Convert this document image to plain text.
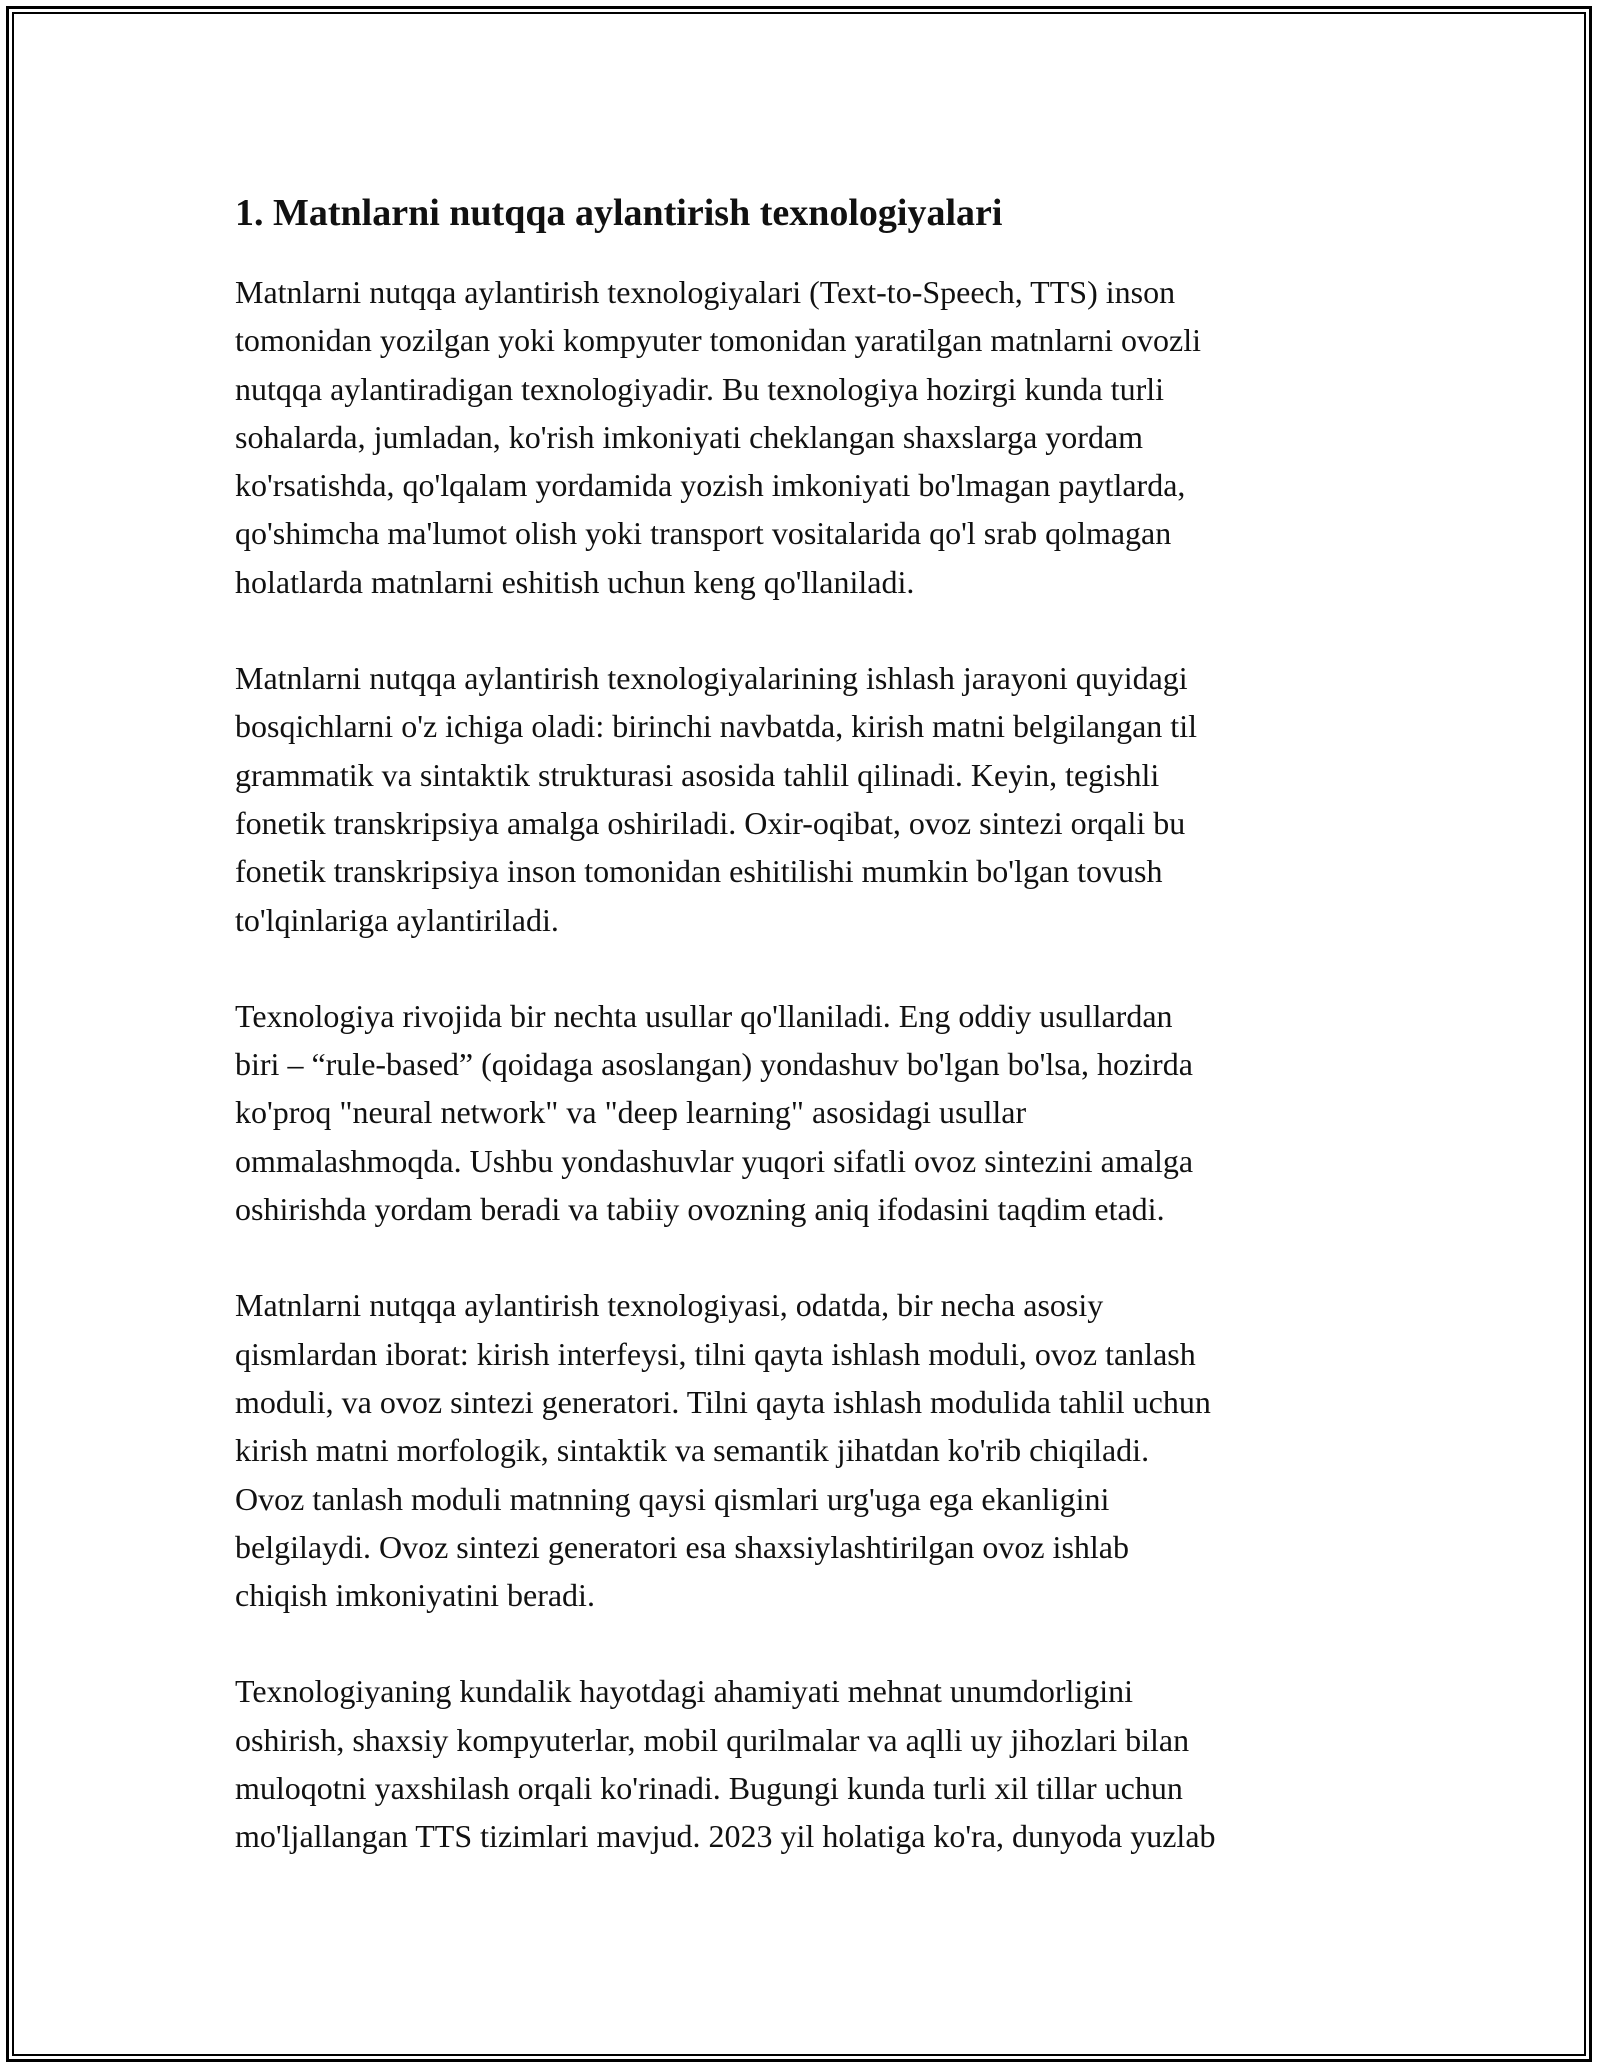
1. Matnlarni nutqqa aylantirish texnologiyalari

Matnlarni nutqqa aylantirish texnologiyalari (Text-to-Speech, TTS) inson
tomonidan yozilgan yoki kompyuter tomonidan yaratilgan matnlarni ovozli
nutqqa aylantiradigan texnologiyadir. Bu texnologiya hozirgi kunda turli
sohalarda, jumladan, ko'rish imkoniyati cheklangan shaxslarga yordam
ko'rsatishda, qo'lqalam yordamida yozish imkoniyati bo'lmagan paytlarda,
qo'shimcha ma'lumot olish yoki transport vositalarida qo'l srab qolmagan
holatlarda matnlarni eshitish uchun keng qo'llaniladi.

Matnlarni nutqqa aylantirish texnologiyalarining ishlash jarayoni quyidagi
bosqichlarni o'z ichiga oladi: birinchi navbatda, kirish matni belgilangan til
grammatik va sintaktik strukturasi asosida tahlil qilinadi. Keyin, tegishli
fonetik transkripsiya amalga oshiriladi. Oxir-oqibat, ovoz sintezi orqali bu
fonetik transkripsiya inson tomonidan eshitilishi mumkin bo'lgan tovush
to'lqinlariga aylantiriladi.

Texnologiya rivojida bir nechta usullar qo'llaniladi. Eng oddiy usullardan
biri – “rule-based” (qoidaga asoslangan) yondashuv bo'lgan bo'lsa, hozirda
ko'proq "neural network" va "deep learning" asosidagi usullar
ommalashmoqda. Ushbu yondashuvlar yuqori sifatli ovoz sintezini amalga
oshirishda yordam beradi va tabiiy ovozning aniq ifodasini taqdim etadi.

Matnlarni nutqqa aylantirish texnologiyasi, odatda, bir necha asosiy
qismlardan iborat: kirish interfeysi, tilni qayta ishlash moduli, ovoz tanlash
moduli, va ovoz sintezi generatori. Tilni qayta ishlash modulida tahlil uchun
kirish matni morfologik, sintaktik va semantik jihatdan ko'rib chiqiladi.
Ovoz tanlash moduli matnning qaysi qismlari urg'uga ega ekanligini
belgilaydi. Ovoz sintezi generatori esa shaxsiylashtirilgan ovoz ishlab
chiqish imkoniyatini beradi.

Texnologiyaning kundalik hayotdagi ahamiyati mehnat unumdorligini
oshirish, shaxsiy kompyuterlar, mobil qurilmalar va aqlli uy jihozlari bilan
muloqotni yaxshilash orqali ko'rinadi. Bugungi kunda turli xil tillar uchun
mo'ljallangan TTS tizimlari mavjud. 2023 yil holatiga ko'ra, dunyoda yuzlab
